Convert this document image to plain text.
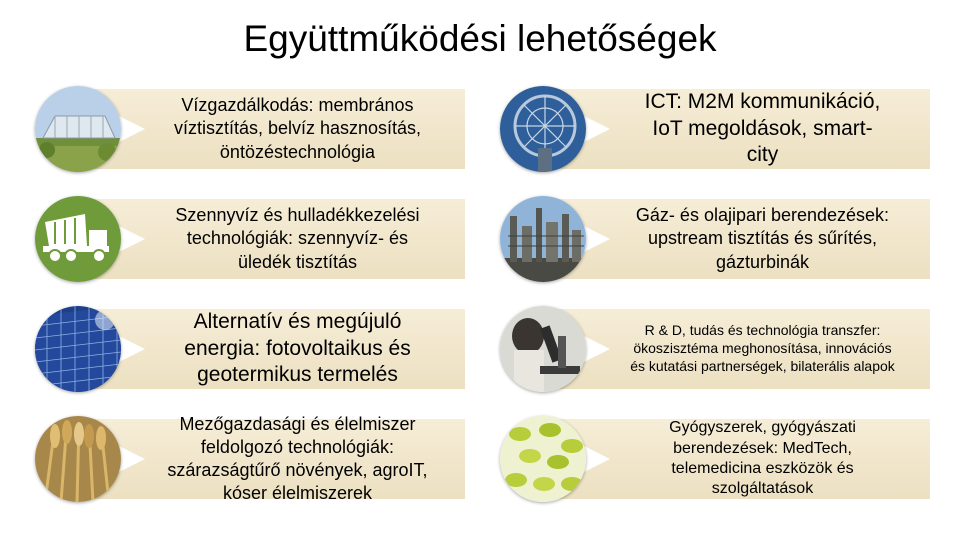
Együttműködési lehetőségek
Vízgazdálkodás: membrános
víztisztítás, belvíz hasznosítás,
öntözéstechnológia
ICT: M2M kommunikáció,
IoT megoldások, smart-
city
Szennyvíz és hulladékkezelési
technológiák: szennyvíz- és
üledék tisztítás
Gáz- és olajipari berendezések:
upstream tisztítás és sűrítés,
gázturbinák
Alternatív és megújuló
energia: fotovoltaikus és
geotermikus termelés
R & D, tudás és technológia transzfer:
ökoszisztéma meghonosítása, innovációs
és kutatási partnerségek, bilaterális alapok
Mezőgazdasági és élelmiszer
feldolgozó technológiák:
szárazságtűrő növények, agroIT,
kóser élelmiszerek
Gyógyszerek, gyógyászati
berendezések: MedTech,
telemedicina eszközök és
szolgáltatások
